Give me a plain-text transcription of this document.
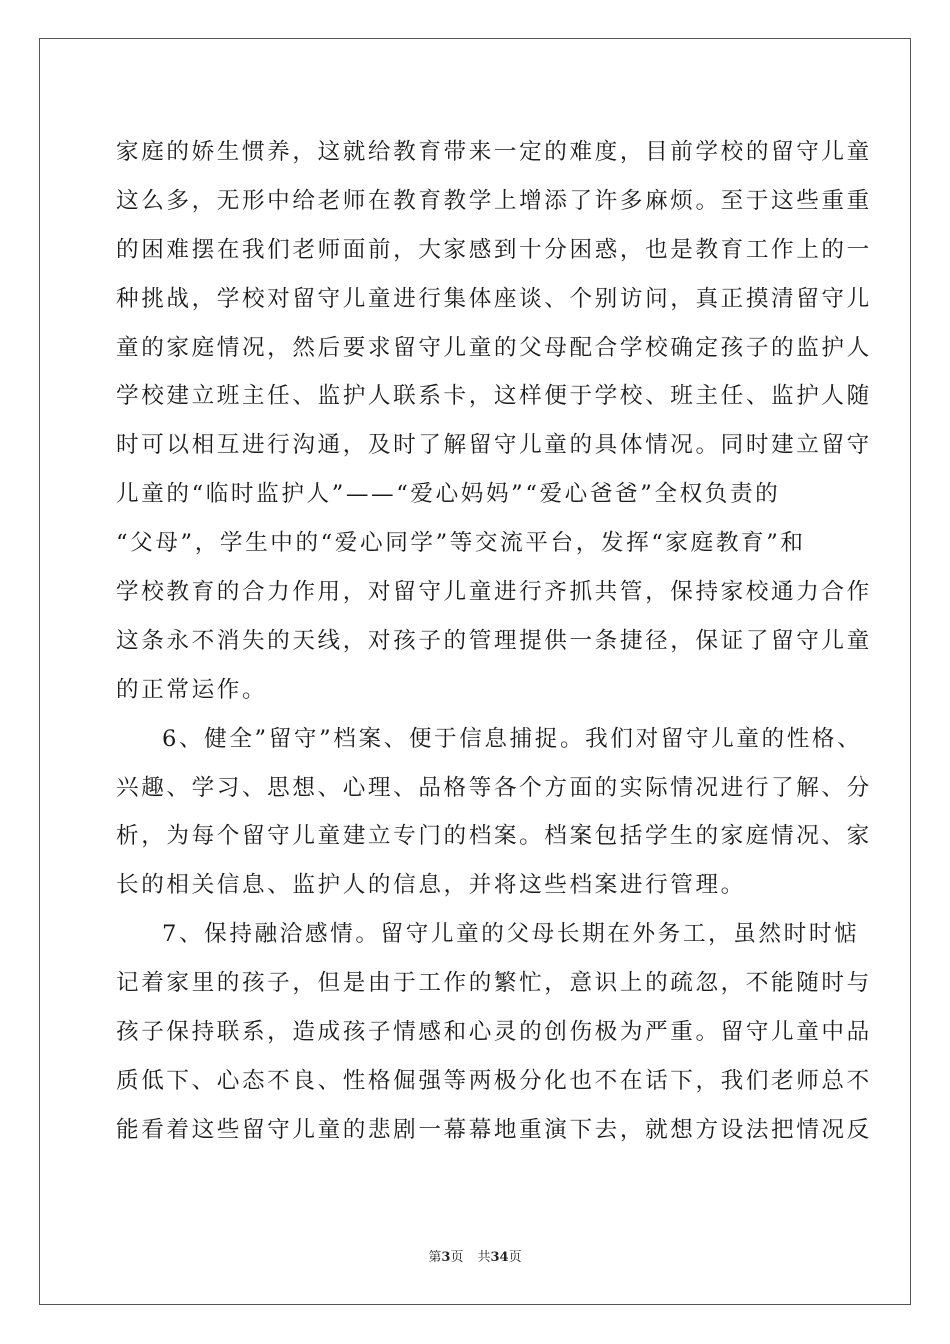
家庭的娇生惯养，这就给教育带来一定的难度，目前学校的留守儿童
这么多，无形中给老师在教育教学上增添了许多麻烦。至于这些重重
的困难摆在我们老师面前，大家感到十分困惑，也是教育工作上的一
种挑战，学校对留守儿童进行集体座谈、个别访问，真正摸清留守儿
童的家庭情况，然后要求留守儿童的父母配合学校确定孩子的监护人
学校建立班主任、监护人联系卡，这样便于学校、班主任、监护人随
时可以相互进行沟通，及时了解留守儿童的具体情况。同时建立留守
儿童的“临时监护人”——“爱心妈妈”“爱心爸爸”全权负责的
“父母”，学生中的“爱心同学”等交流平台，发挥“家庭教育”和
学校教育的合力作用，对留守儿童进行齐抓共管，保持家校通力合作
这条永不消失的天线，对孩子的管理提供一条捷径，保证了留守儿童
的正常运作。
6、健全”留守”档案、便于信息捕捉。我们对留守儿童的性格、
兴趣、学习、思想、心理、品格等各个方面的实际情况进行了解、分
析，为每个留守儿童建立专门的档案。档案包括学生的家庭情况、家
长的相关信息、监护人的信息，并将这些档案进行管理。
7、保持融洽感情。留守儿童的父母长期在外务工，虽然时时惦
记着家里的孩子，但是由于工作的繁忙，意识上的疏忽，不能随时与
孩子保持联系，造成孩子情感和心灵的创伤极为严重。留守儿童中品
质低下、心态不良、性格倔强等两极分化也不在话下，我们老师总不
能看着这些留守儿童的悲剧一幕幕地重演下去，就想方设法把情况反
第3页 共34页
